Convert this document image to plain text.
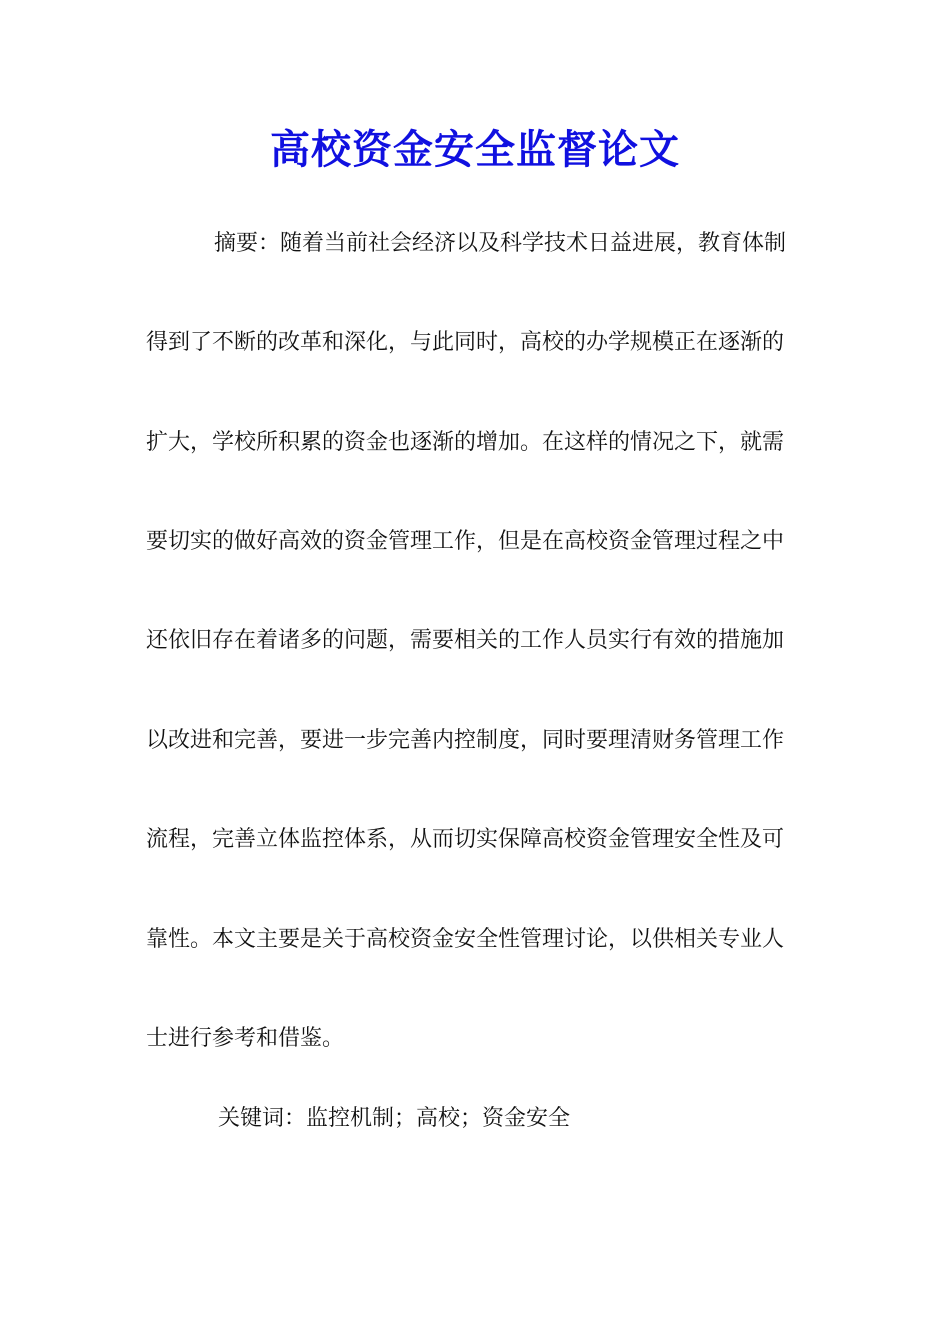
高校资金安全监督论文

摘要：随着当前社会经济以及科学技术日益进展，教育体制

得到了不断的改革和深化，与此同时，高校的办学规模正在逐渐的

扩大，学校所积累的资金也逐渐的增加。在这样的情况之下，就需

要切实的做好高效的资金管理工作，但是在高校资金管理过程之中

还依旧存在着诸多的问题，需要相关的工作人员实行有效的措施加

以改进和完善，要进一步完善内控制度，同时要理清财务管理工作

流程，完善立体监控体系，从而切实保障高校资金管理安全性及可

靠性。本文主要是关于高校资金安全性管理讨论，以供相关专业人

士进行参考和借鉴。

关键词：监控机制；高校；资金安全
